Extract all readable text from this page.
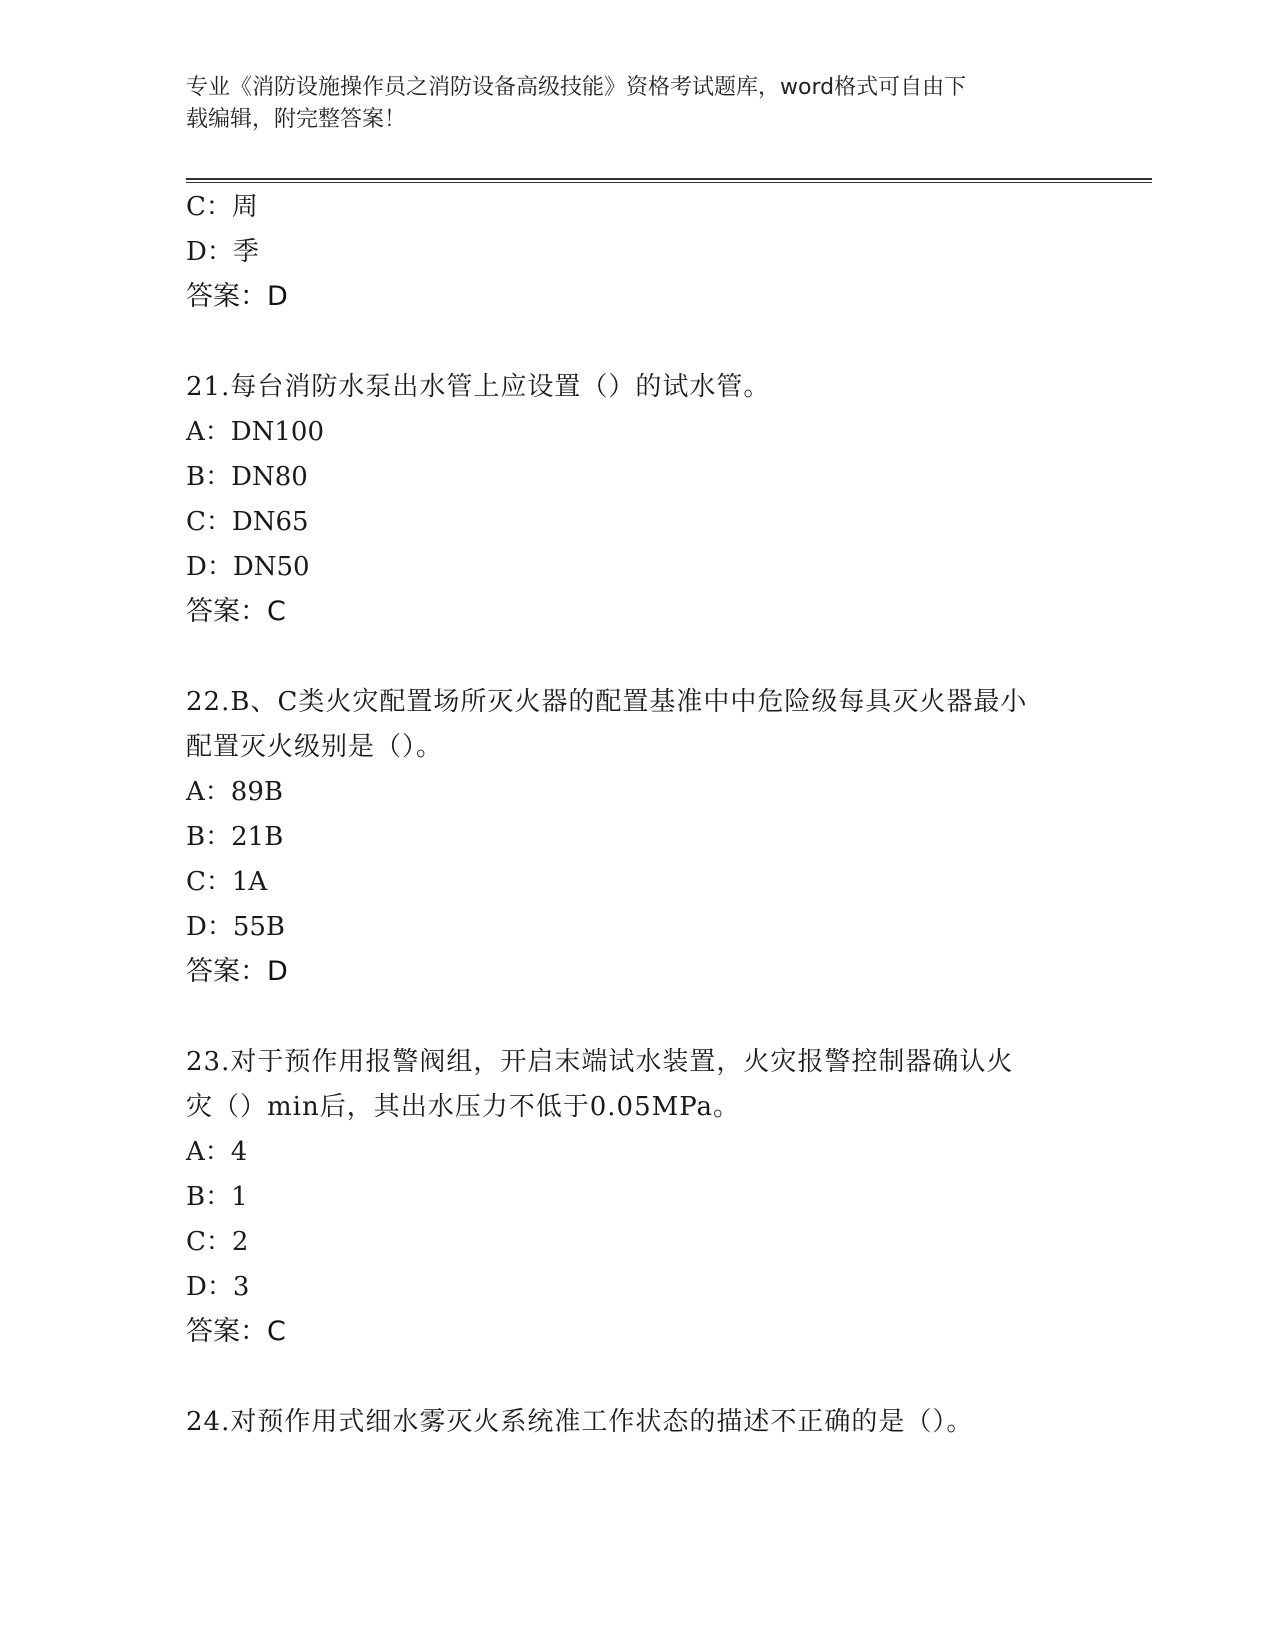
专业《消防设施操作员之消防设备高级技能》资格考试题库，word格式可自由下
载编辑，附完整答案！
C：周
D：季
答案：D
21.每台消防水泵出水管上应设置（）的试水管。
A：DN100
B：DN80
C：DN65
D：DN50
答案：C
22.B、C类火灾配置场所灭火器的配置基准中中危险级每具灭火器最小
配置灭火级别是（）。
A：89B
B：21B
C：1A
D：55B
答案：D
23.对于预作用报警阀组，开启末端试水装置，火灾报警控制器确认火
灾（）min后，其出水压力不低于0.05MPa。
A：4
B：1
C：2
D：3
答案：C
24.对预作用式细水雾灭火系统准工作状态的描述不正确的是（）。
